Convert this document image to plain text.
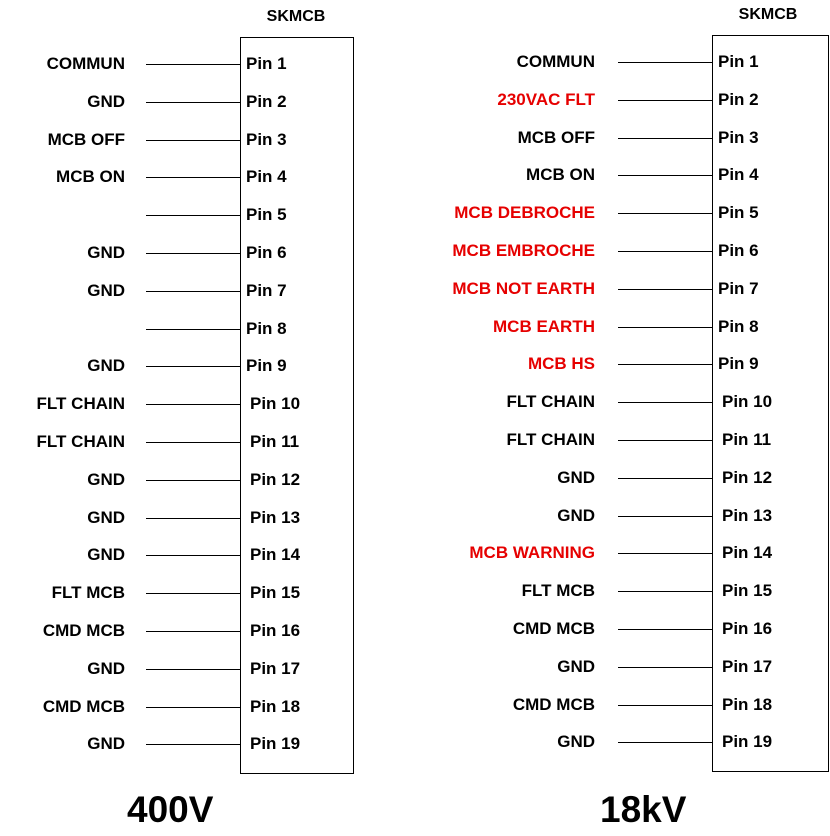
SKMCB
COMMUN	Pin 1
GND	Pin 2
MCB OFF	Pin 3
MCB ON	Pin 4
Pin 5
GND	Pin 6
GND	Pin 7
Pin 8
GND	Pin 9
FLT CHAIN	Pin 10
FLT CHAIN	Pin 11
GND	Pin 12
GND	Pin 13
GND	Pin 14
FLT MCB	Pin 15
CMD MCB	Pin 16
GND	Pin 17
CMD MCB	Pin 18
GND	Pin 19
400V
SKMCB
COMMUN	Pin 1
230VAC FLT	Pin 2
MCB OFF	Pin 3
MCB ON	Pin 4
MCB DEBROCHE	Pin 5
MCB EMBROCHE	Pin 6
MCB NOT EARTH	Pin 7
MCB EARTH	Pin 8
MCB HS	Pin 9
FLT CHAIN	Pin 10
FLT CHAIN	Pin 11
GND	Pin 12
GND	Pin 13
MCB WARNING	Pin 14
FLT MCB	Pin 15
CMD MCB	Pin 16
GND	Pin 17
CMD MCB	Pin 18
GND	Pin 19
18kV
